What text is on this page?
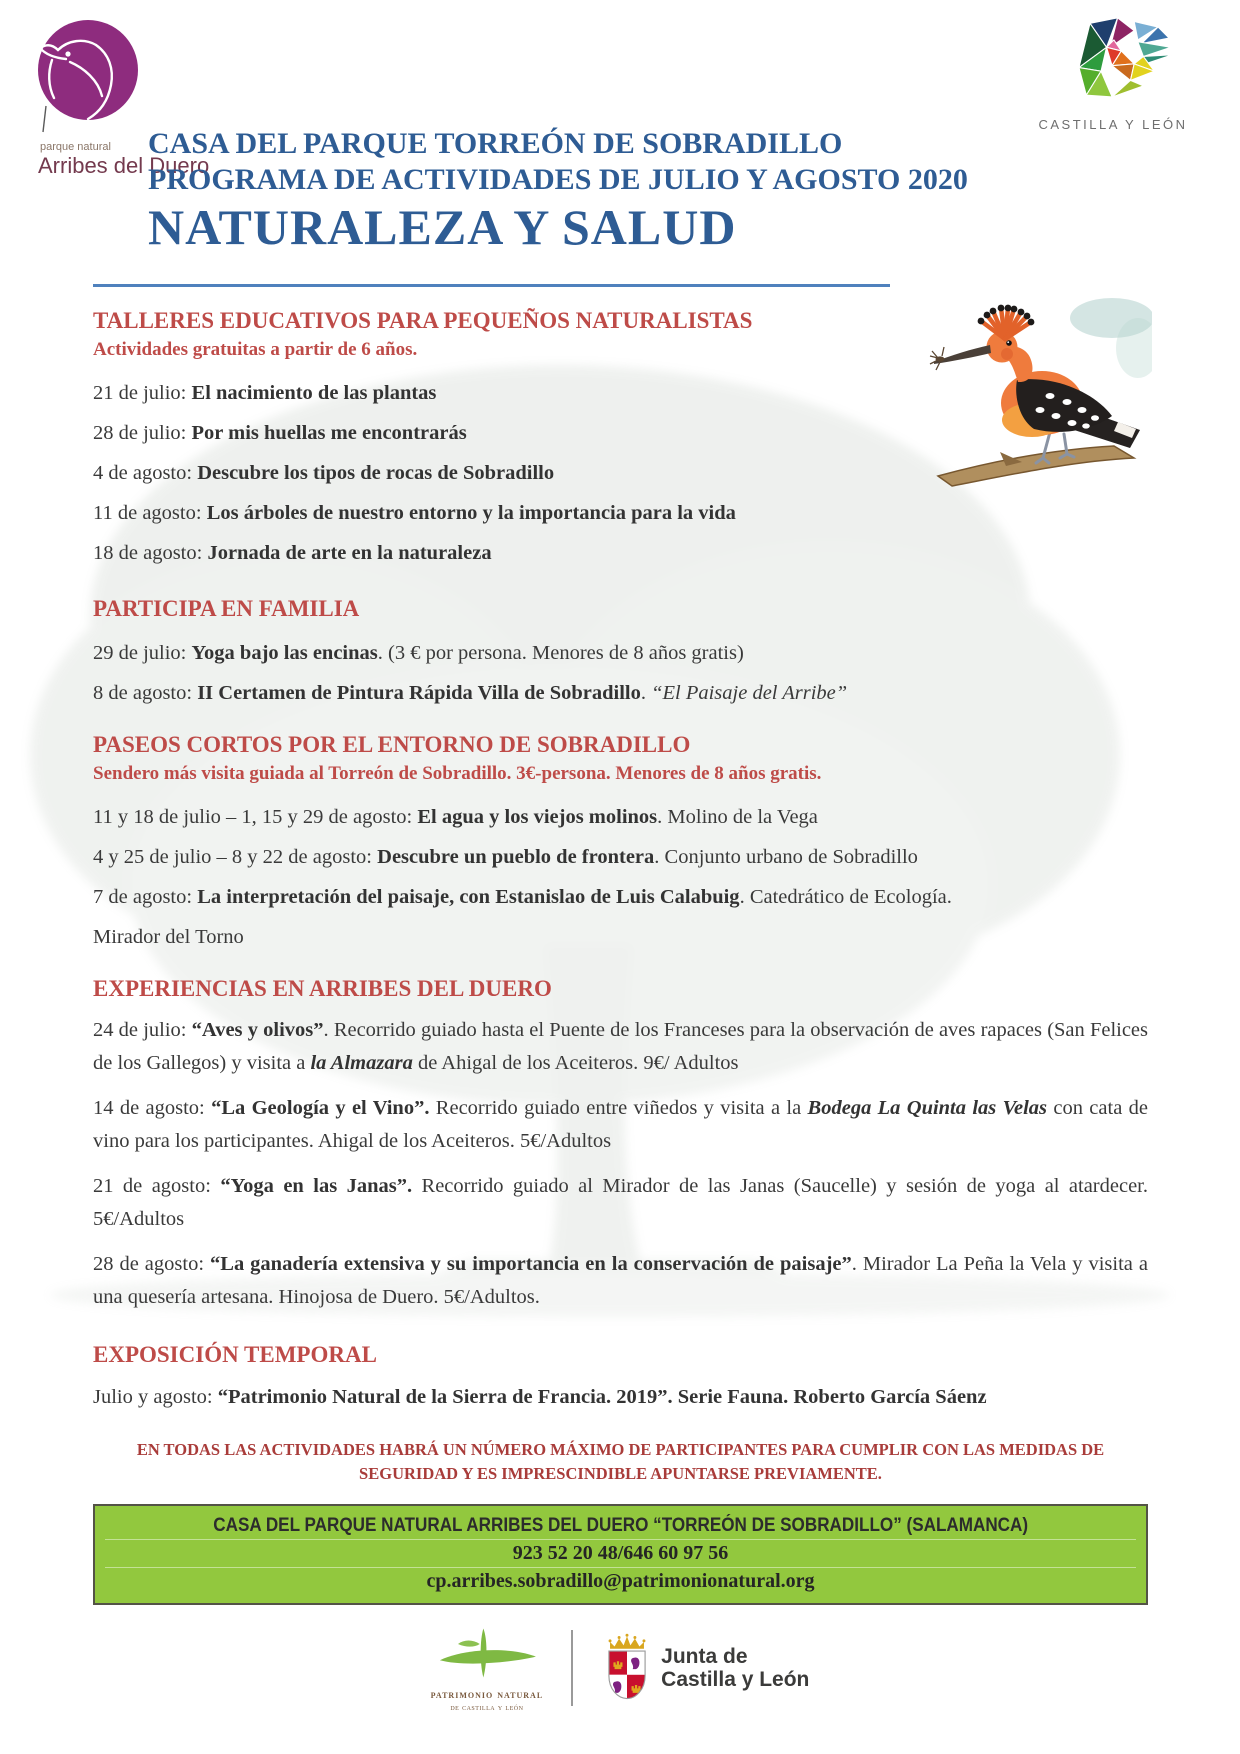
parque natural
Arribes del Duero
CASTILLA Y LEÓN
CASA DEL PARQUE TORREÓN DE SOBRADILLO
PROGRAMA DE ACTIVIDADES DE JULIO Y AGOSTO 2020
NATURALEZA Y SALUD
TALLERES EDUCATIVOS PARA PEQUEÑOS NATURALISTAS
Actividades gratuitas a partir de 6 años.

21 de julio: El nacimiento de las plantas

28 de julio: Por mis huellas me encontrarás

4 de agosto: Descubre los tipos de rocas de Sobradillo

11 de agosto: Los árboles de nuestro entorno y la importancia para la vida

18 de agosto: Jornada de arte en la naturaleza

PARTICIPA EN FAMILIA

29 de julio: Yoga bajo las encinas. (3 € por persona. Menores de 8 años gratis)

8 de agosto: II Certamen de Pintura Rápida Villa de Sobradillo. “El Paisaje del Arribe”

PASEOS CORTOS POR EL ENTORNO DE SOBRADILLO
Sendero más visita guiada al Torreón de Sobradillo. 3€-persona. Menores de 8 años gratis.

11 y 18 de julio – 1, 15 y 29 de agosto: El agua y los viejos molinos. Molino de la Vega

4 y 25 de julio – 8 y 22 de agosto: Descubre un pueblo de frontera. Conjunto urbano de Sobradillo

7 de agosto: La interpretación del paisaje, con Estanislao de Luis Calabuig. Catedrático de Ecología.

Mirador del Torno

EXPERIENCIAS EN ARRIBES DEL DUERO

24 de julio: “Aves y olivos”. Recorrido guiado hasta el Puente de los Franceses para la observación de aves rapaces (San Felices de los Gallegos) y visita a la Almazara de Ahigal de los Aceiteros. 9€/ Adultos

14 de agosto: “La Geología y el Vino”. Recorrido guiado entre viñedos y visita a la Bodega La Quinta las Velas con cata de vino para los participantes. Ahigal de los Aceiteros. 5€/Adultos

21 de agosto: “Yoga en las Janas”. Recorrido guiado al Mirador de las Janas (Saucelle) y sesión de yoga al atardecer. 5€/Adultos

28 de agosto: “La ganadería extensiva y su importancia en la conservación de paisaje”. Mirador La Peña la Vela y visita a una quesería artesana. Hinojosa de Duero. 5€/Adultos.

EXPOSICIÓN TEMPORAL

Julio y agosto: “Patrimonio Natural de la Sierra de Francia. 2019”. Serie Fauna. Roberto García Sáenz

EN TODAS LAS ACTIVIDADES HABRÁ UN NÚMERO MÁXIMO DE PARTICIPANTES PARA CUMPLIR CON LAS MEDIDAS DE SEGURIDAD Y ES IMPRESCINDIBLE APUNTARSE PREVIAMENTE.

CASA DEL PARQUE NATURAL ARRIBES DEL DUERO “TORREÓN DE SOBRADILLO” (SALAMANCA)
923 52 20 48/646 60 97 56
cp.arribes.sobradillo@patrimonionatural.org
patrimonio natural
de castilla y león
Junta de
Castilla y León
